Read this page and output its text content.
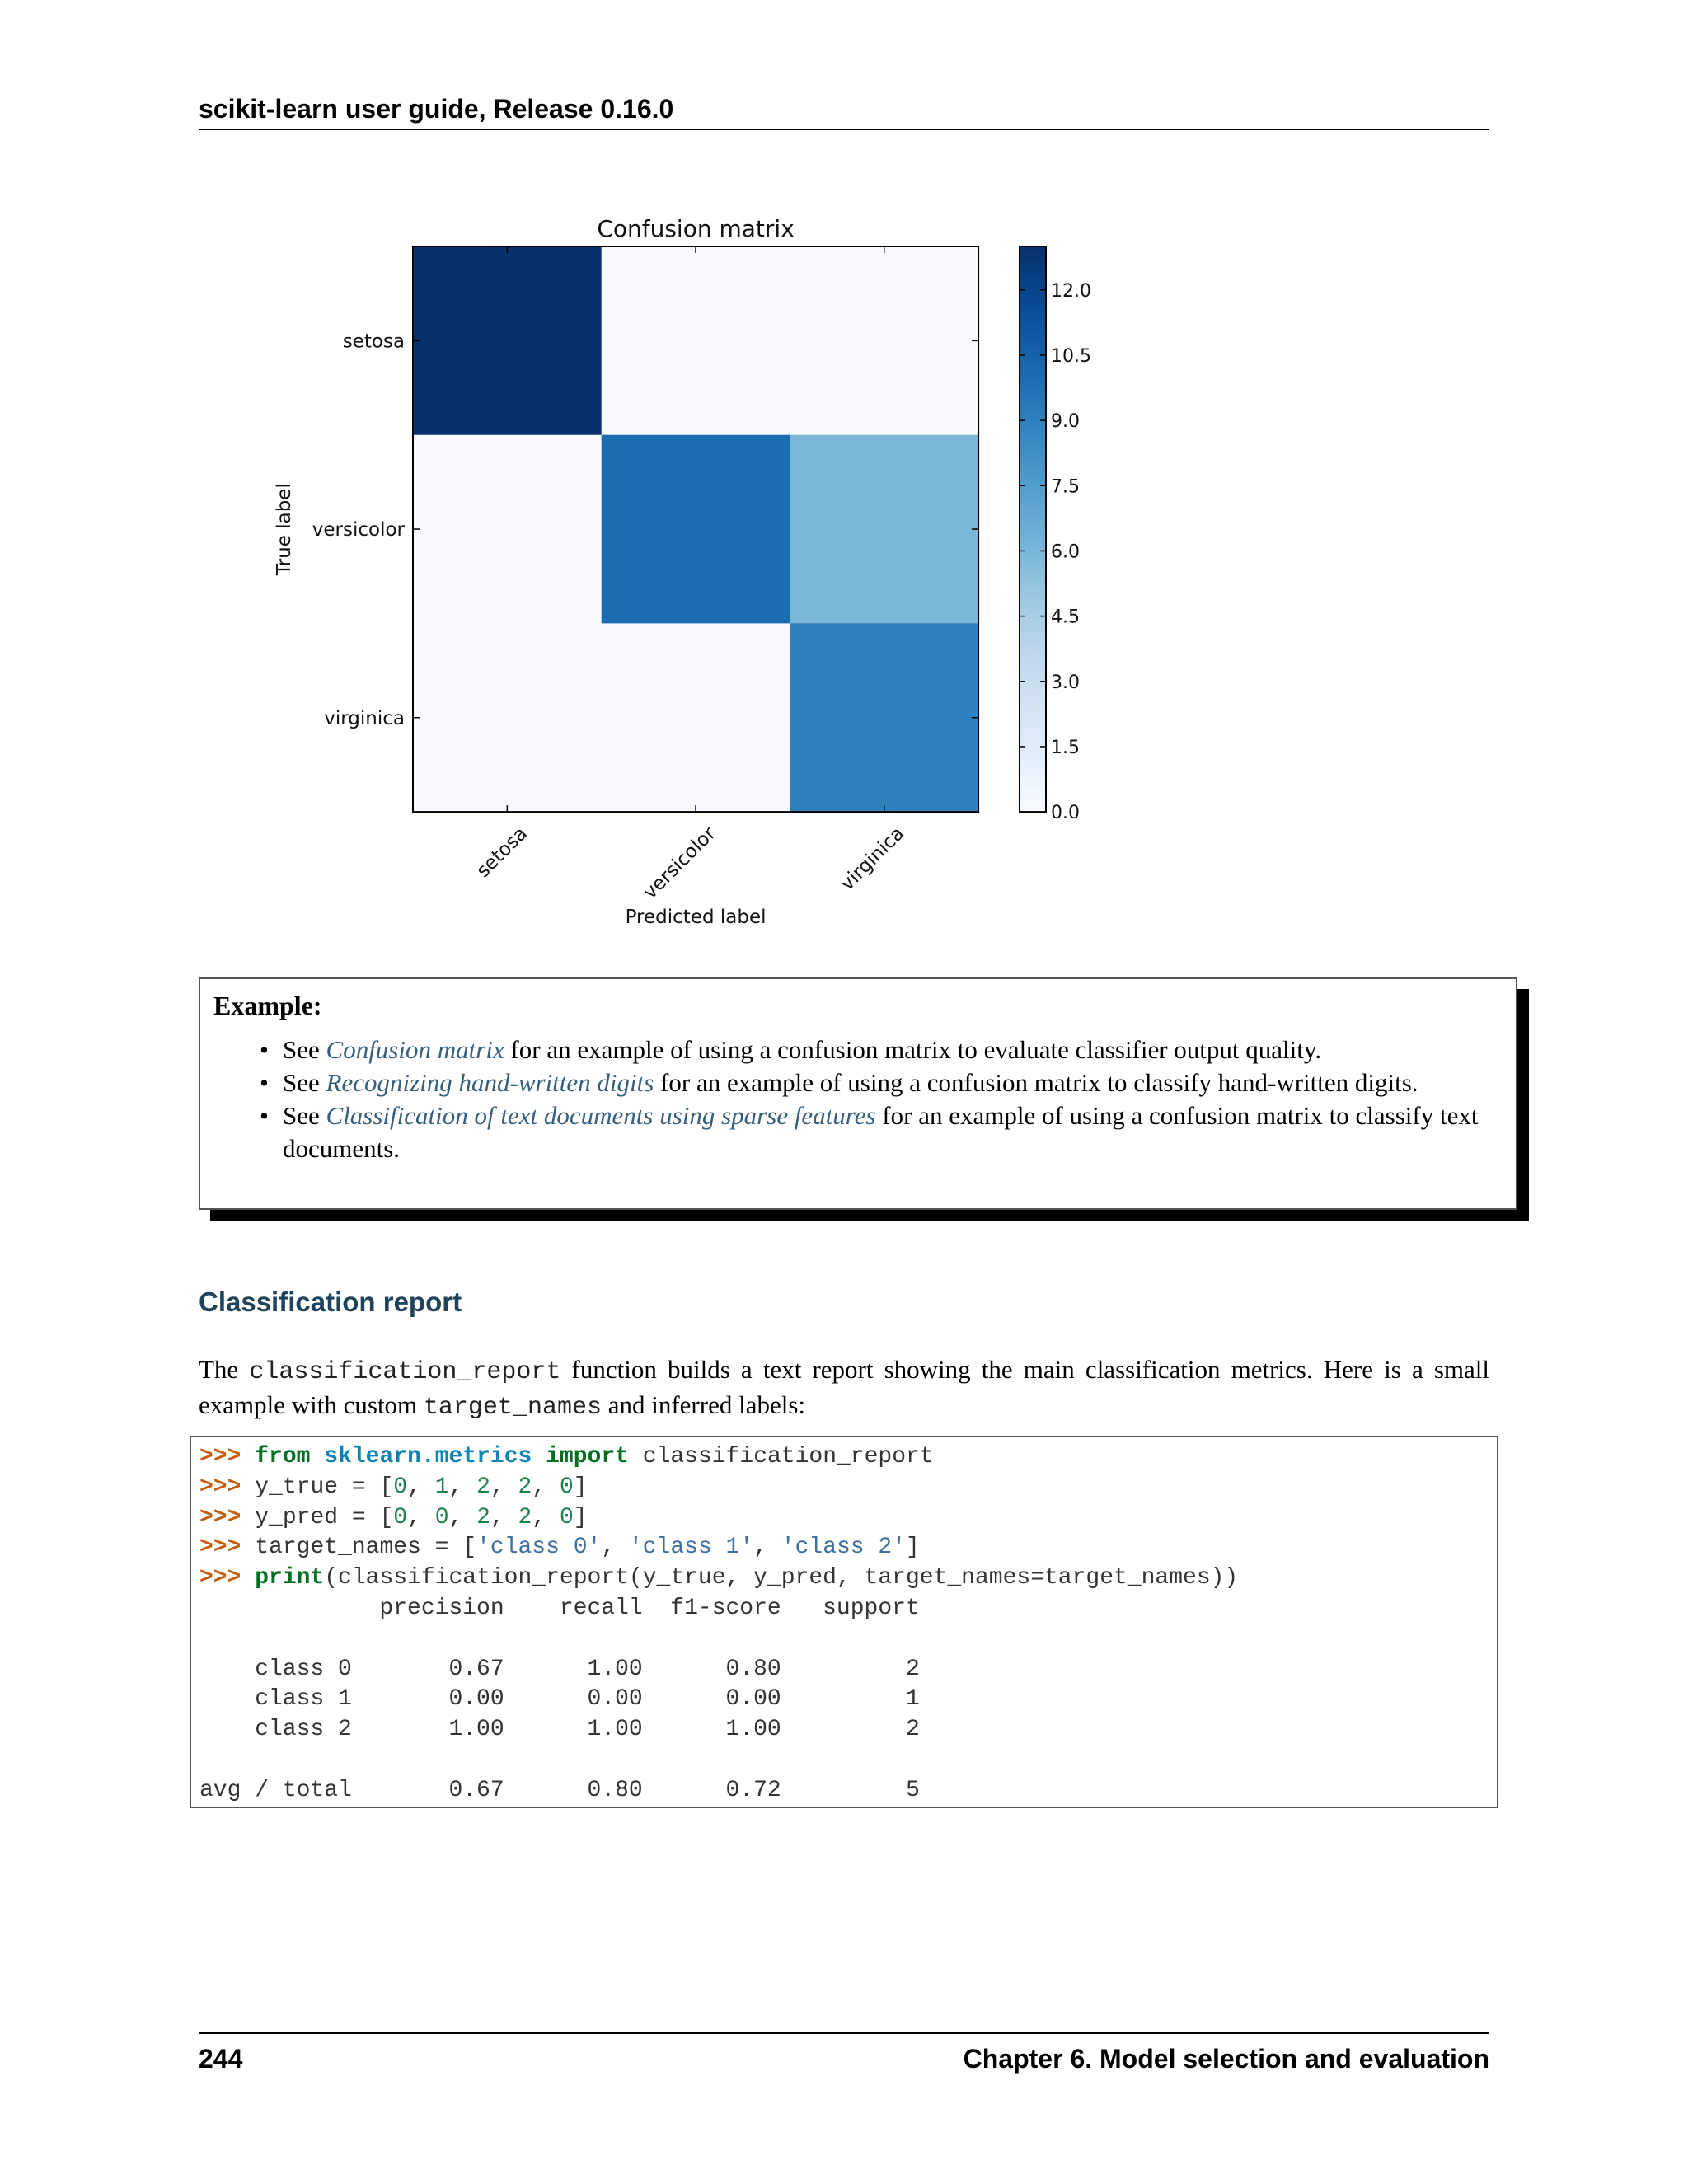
scikit-learn user guide, Release 0.16.0
setosa
versicolor
virginica
setosa	versicolor	virginica
Confusion matrix
Predicted label
True label
0.0
1.5
3.0
4.5
6.0
7.5
9.0
10.5
12.0

Example:

• See Confusion matrix for an example of using a confusion matrix to evaluate classifier output quality.
• See Recognizing hand-written digits for an example of using a confusion matrix to classify hand-written digits.
• See Classification of text documents using sparse features for an example of using a confusion matrix to classify text documents.
Classification report

The classification_report function builds a text report showing the main classification metrics. Here is a small example with custom target_names and inferred labels:

>>> from sklearn.metrics import classification_report
>>> y_true = [0, 1, 2, 2, 0]
>>> y_pred = [0, 0, 2, 2, 0]
>>> target_names = ['class 0', 'class 1', 'class 2']
>>> print(classification_report(y_true, y_pred, target_names=target_names))
precision    recall  f1-score   support

class 0       0.67      1.00      0.80         2
class 1       0.00      0.00      0.00         1
class 2       1.00      1.00      1.00         2

avg / total       0.67      0.80      0.72         5
244	Chapter 6. Model selection and evaluation
